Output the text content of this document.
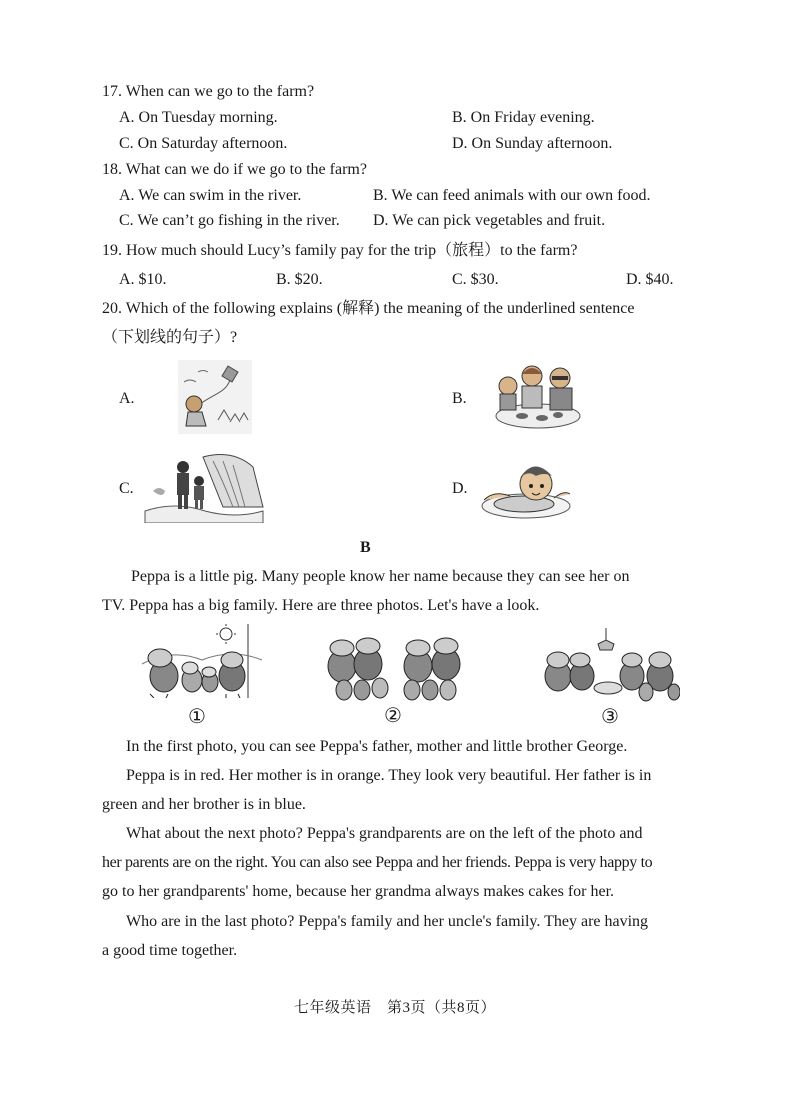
17. When can we go to the farm?
A. On Tuesday morning.	B. On Friday evening.
C. On Saturday afternoon.	D. On Sunday afternoon.
18. What can we do if we go to the farm?
A. We can swim in the river.	B. We can feed animals with our own food.
C. We can’t go fishing in the river. D. We can pick vegetables and fruit.
19. How much should Lucy’s family pay for the trip（旅程）to the farm?
A. $10.	B. $20.	C. $30.	D. $40.
20. Which of the following explains (解释) the meaning of the underlined sentence
（下划线的句子）?
A.	B.
C.	D.
B
Peppa is a little pig. Many people know her name because they can see her on
TV. Peppa has a big family. Here are three photos. Let's have a look.
①	②	③
In the first photo, you can see Peppa's father, mother and little brother George.
Peppa is in red. Her mother is in orange. They look very beautiful. Her father is in
green and her brother is in blue.
What about the next photo? Peppa's grandparents are on the left of the photo and
her parents are on the right. You can also see Peppa and her friends. Peppa is very happy to
go to her grandparents' home, because her grandma always makes cakes for her.
Who are in the last photo? Peppa's family and her uncle's family. They are having
a good time together.
七年级英语　第3页（共8页）
